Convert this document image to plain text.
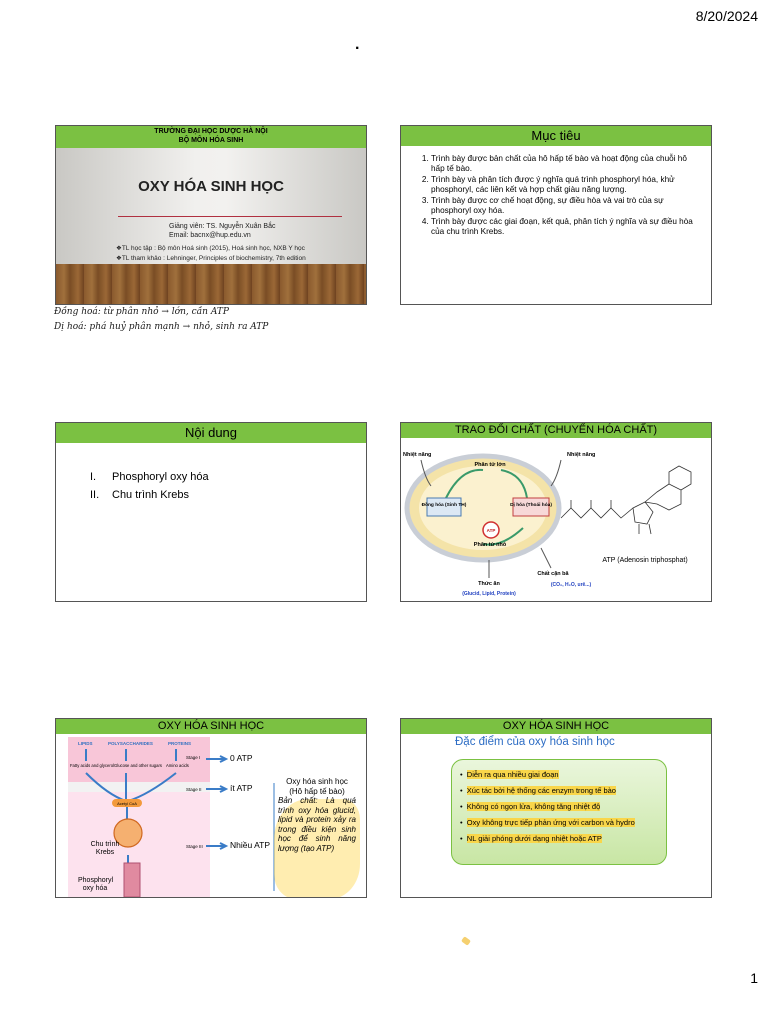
8/20/2024
.
TRƯỜNG ĐẠI HỌC DƯỢC HÀ NỘI
BỘ MÔN HÓA SINH
OXY HÓA SINH HỌC
Giảng viên: TS. Nguyễn Xuân Bắc
Email: bacnx@hup.edu.vn
❖TL học tập : Bộ môn Hoá sinh (2015), Hoá sinh học, NXB Y học
❖TL tham khảo : Lehninger, Principles of biochemistry, 7th edition
Đồng hoá: từ phân nhỏ → lớn, cần ATP
Dị hoá: phá huỷ phân mạnh → nhỏ, sinh ra ATP
Mục tiêu
1. Trình bày được bản chất của hô hấp tế bào và hoạt động của chuỗi hô hấp tế bào.
2. Trình bày và phân tích được ý nghĩa quá trình phosphoryl hóa, khử phosphoryl, các liên kết và hợp chất giàu năng lượng.
3. Trình bày được cơ chế hoạt động, sự điều hòa và vai trò của sự phosphoryl oxy hóa.
4. Trình bày được các giai đoạn, kết quả, phân tích ý nghĩa và sự điều hòa của chu trình Krebs.
Nội dung
I. Phosphoryl oxy hóa
II. Chu trình Krebs
TRAO ĐỔI CHẤT (CHUYỂN HÓA CHẤT)
Phân tử lớn
Phân tử nhỏ
Đồng hóa (Sinh TH)	Dị hóa (Thoái hóa)
ATP
Nhiệt năng	Nhiệt năng
Thức ăn
(Glucid, Lipid, Protein)
Chất cặn bã
(CO₂, H₂O, urê...)
ATP (Adenosin triphosphat)
OXY HÓA SINH HỌC
LIPIDS	POLYSACCHARIDES	PROTEINS
Fatty acids and glycerol Glucose and other sugars Amino acids
Acetyl CoA
Chu trình Krebs
Phosphoryl oxy hóa
Stage I
Stage II
Stage III
0 ATP
ít ATP
Nhiều ATP
Oxy hóa sinh học
(Hô hấp tế bào)
Bản chất: Là quá trình oxy hóa glucid, lipid và protein xảy ra trong điều kiện sinh học để sinh năng lượng (tạo ATP)
OXY HÓA SINH HỌC
Đặc điểm của oxy hóa sinh học
•  Diễn ra qua nhiều giai đoạn
•  Xúc tác bởi hệ thống các enzym trong tế bào
•  Không có ngọn lửa, không tăng nhiệt độ
•  Oxy không trực tiếp phản ứng với carbon và hydro
•  NL giải phóng dưới dạng nhiệt hoặc ATP
1
